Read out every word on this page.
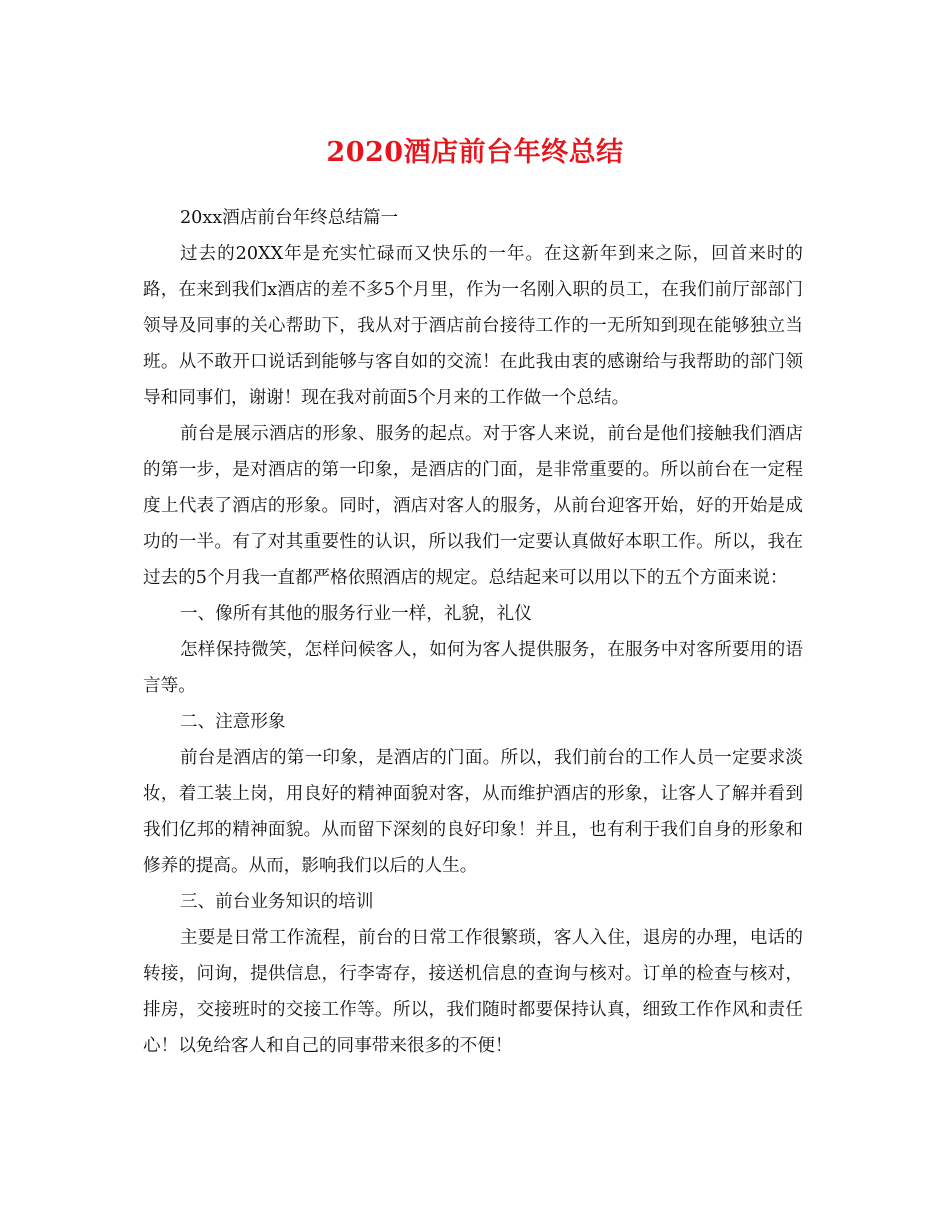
2020酒店前台年终总结

20xx酒店前台年终总结篇一

过去的20XX年是充实忙碌而又快乐的一年。在这新年到来之际，回首来时的路，在来到我们x酒店的差不多5个月里，作为一名刚入职的员工，在我们前厅部部门领导及同事的关心帮助下，我从对于酒店前台接待工作的一无所知到现在能够独立当班。从不敢开口说话到能够与客自如的交流！在此我由衷的感谢给与我帮助的部门领导和同事们，谢谢！现在我对前面5个月来的工作做一个总结。

前台是展示酒店的形象、服务的起点。对于客人来说，前台是他们接触我们酒店的第一步，是对酒店的第一印象，是酒店的门面，是非常重要的。所以前台在一定程度上代表了酒店的形象。同时，酒店对客人的服务，从前台迎客开始，好的开始是成功的一半。有了对其重要性的认识，所以我们一定要认真做好本职工作。所以，我在过去的5个月我一直都严格依照酒店的规定。总结起来可以用以下的五个方面来说：

一、像所有其他的服务行业一样，礼貌，礼仪

怎样保持微笑，怎样问候客人，如何为客人提供服务，在服务中对客所要用的语言等。

二、注意形象

前台是酒店的第一印象，是酒店的门面。所以，我们前台的工作人员一定要求淡妆，着工装上岗，用良好的精神面貌对客，从而维护酒店的形象，让客人了解并看到我们亿邦的精神面貌。从而留下深刻的良好印象！并且，也有利于我们自身的形象和修养的提高。从而，影响我们以后的人生。

三、前台业务知识的培训

主要是日常工作流程，前台的日常工作很繁琐，客人入住，退房的办理，电话的转接，问询，提供信息，行李寄存，接送机信息的查询与核对。订单的检查与核对，排房，交接班时的交接工作等。所以，我们随时都要保持认真，细致工作作风和责任心！以免给客人和自己的同事带来很多的不便！
